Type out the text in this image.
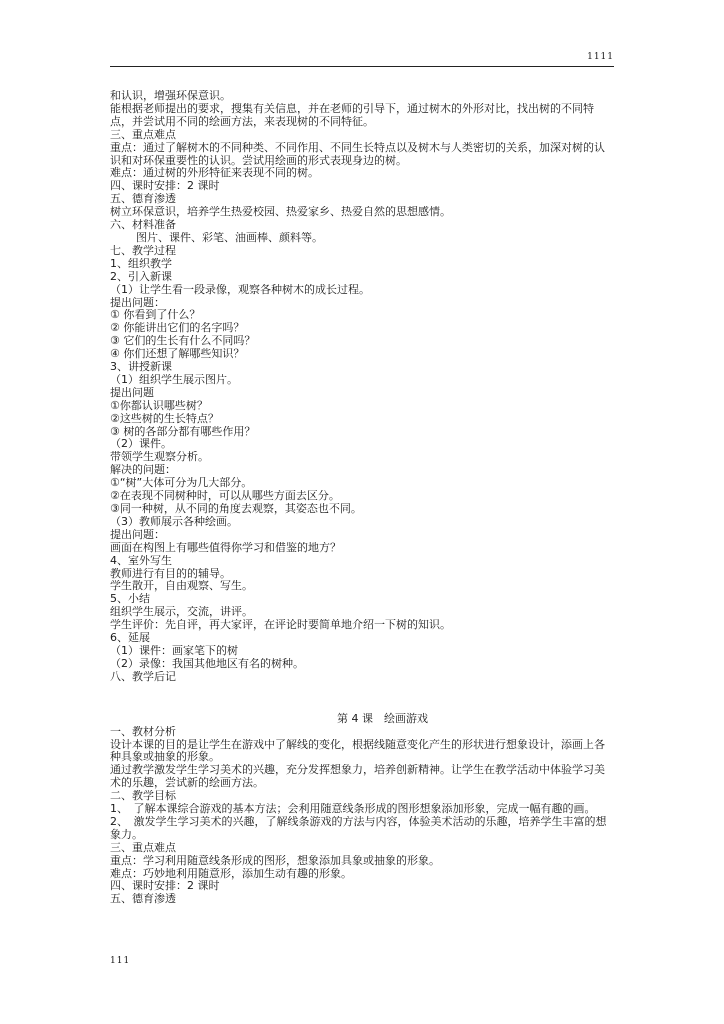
1111
和认识，增强环保意识。
能根据老师提出的要求，搜集有关信息，并在老师的引导下，通过树木的外形对比，找出树的不同特点，并尝试用不同的绘画方法，来表现树的不同特征。
三、重点难点
重点：通过了解树木的不同种类、不同作用、不同生长特点以及树木与人类密切的关系，加深对树的认识和对环保重要性的认识。尝试用绘画的形式表现身边的树。
难点：通过树的外形特征来表现不同的树。
四、课时安排：2 课时
五、德育渗透
树立环保意识，培养学生热爱校园、热爱家乡、热爱自然的思想感情。
六、材料准备
图片、课件、彩笔、油画棒、颜料等。
七、教学过程
1、组织教学
2、引入新课
（1）让学生看一段录像，观察各种树木的成长过程。
提出问题：
① 你看到了什么？
② 你能讲出它们的名字吗？
③ 它们的生长有什么不同吗？
④ 你们还想了解哪些知识？
3、讲授新课
（1）组织学生展示图片。
提出问题
①你都认识哪些树？
②这些树的生长特点？
③ 树的各部分都有哪些作用？
（2）课件。
带领学生观察分析。
解决的问题：
①“树”大体可分为几大部分。
②在表现不同树种时，可以从哪些方面去区分。
③同一种树，从不同的角度去观察，其姿态也不同。
（3）教师展示各种绘画。
提出问题：
画面在构图上有哪些值得你学习和借鉴的地方？
4、室外写生
教师进行有目的的辅导。
学生散开，自由观察、写生。
5、小结
组织学生展示，交流，讲评。
学生评价：先自评，再大家评，在评论时要简单地介绍一下树的知识。
6、延展
（1）课件：画家笔下的树
（2）录像：我国其他地区有名的树种。
八、教学后记
第 4 课　绘画游戏
一、教材分析
设计本课的目的是让学生在游戏中了解线的变化，根据线随意变化产生的形状进行想象设计，添画上各种具象或抽象的形象。
通过教学激发学生学习美术的兴趣，充分发挥想象力，培养创新精神。让学生在教学活动中体验学习美术的乐趣，尝试新的绘画方法。
二、教学目标
1、　了解本课综合游戏的基本方法；会利用随意线条形成的图形想象添加形象，完成一幅有趣的画。
2、　激发学生学习美术的兴趣，了解线条游戏的方法与内容，体验美术活动的乐趣，培养学生丰富的想象力。
三、重点难点
重点：学习利用随意线条形成的图形，想象添加具象或抽象的形象。
难点：巧妙地利用随意形，添加生动有趣的形象。
四、课时安排：2 课时
五、德育渗透
111
